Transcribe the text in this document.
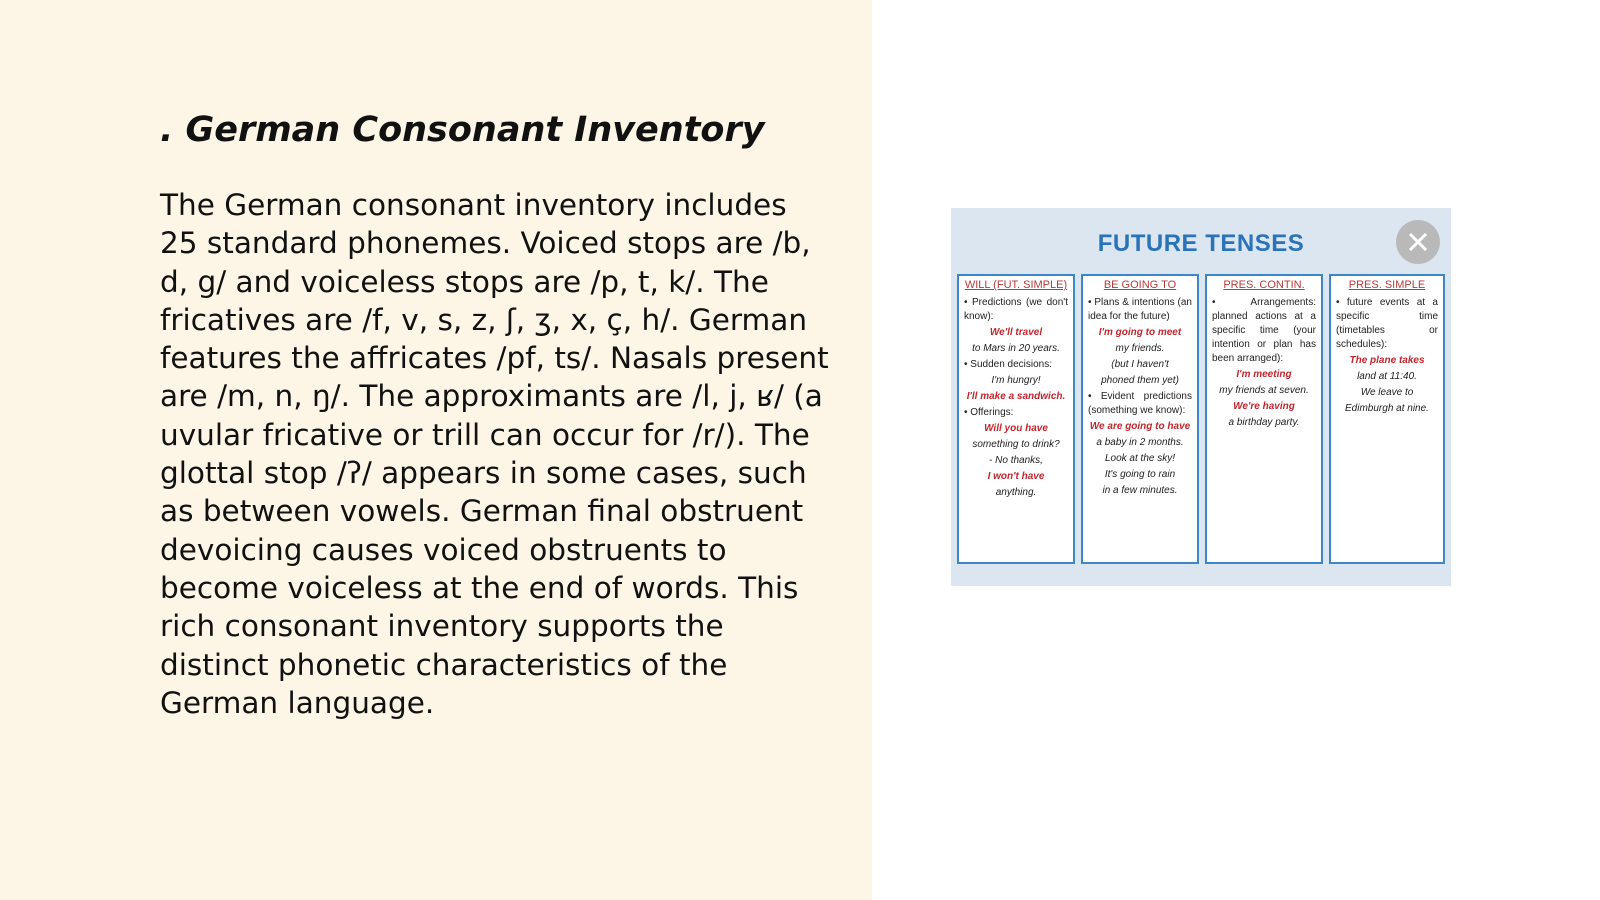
. German Consonant Inventory
The German consonant inventory includes
25 standard phonemes. Voiced stops are /b,
d, g/ and voiceless stops are /p, t, k/. The
fricatives are /f, v, s, z, ʃ, ʒ, x, ç, h/. German
features the affricates /pf, ts/. Nasals present
are /m, n, ŋ/. The approximants are /l, j, ʁ/ (a
uvular fricative or trill can occur for /r/). The
glottal stop /ʔ/ appears in some cases, such
as between vowels. German final obstruent
devoicing causes voiced obstruents to
become voiceless at the end of words. This
rich consonant inventory supports the
distinct phonetic characteristics of the
German language.
FUTURE TENSES
WILL (FUT. SIMPLE)
• Predictions (we don't know):
We'll travel
to Mars in 20 years.
• Sudden decisions:
I'm hungry!
I'll make a sandwich.
• Offerings:
Will you have
something to drink?
- No thanks,
I won't have
anything.
BE GOING TO
• Plans & intentions (an idea for the future)
I'm going to meet
my friends.
(but I haven't
phoned them yet)
• Evident predictions (something we know):
We are going to have
a baby in 2 months.
Look at the sky!
It's going to rain
in a few minutes.
PRES. CONTIN.
• Arrangements: planned actions at a specific time (your intention or plan has been arranged):
I'm meeting
my friends at seven.
We're having
a birthday party.
PRES. SIMPLE
• future events at a specific time (timetables or schedules):
The plane takes
land at 11:40.
We leave to
Edimburgh at nine.
